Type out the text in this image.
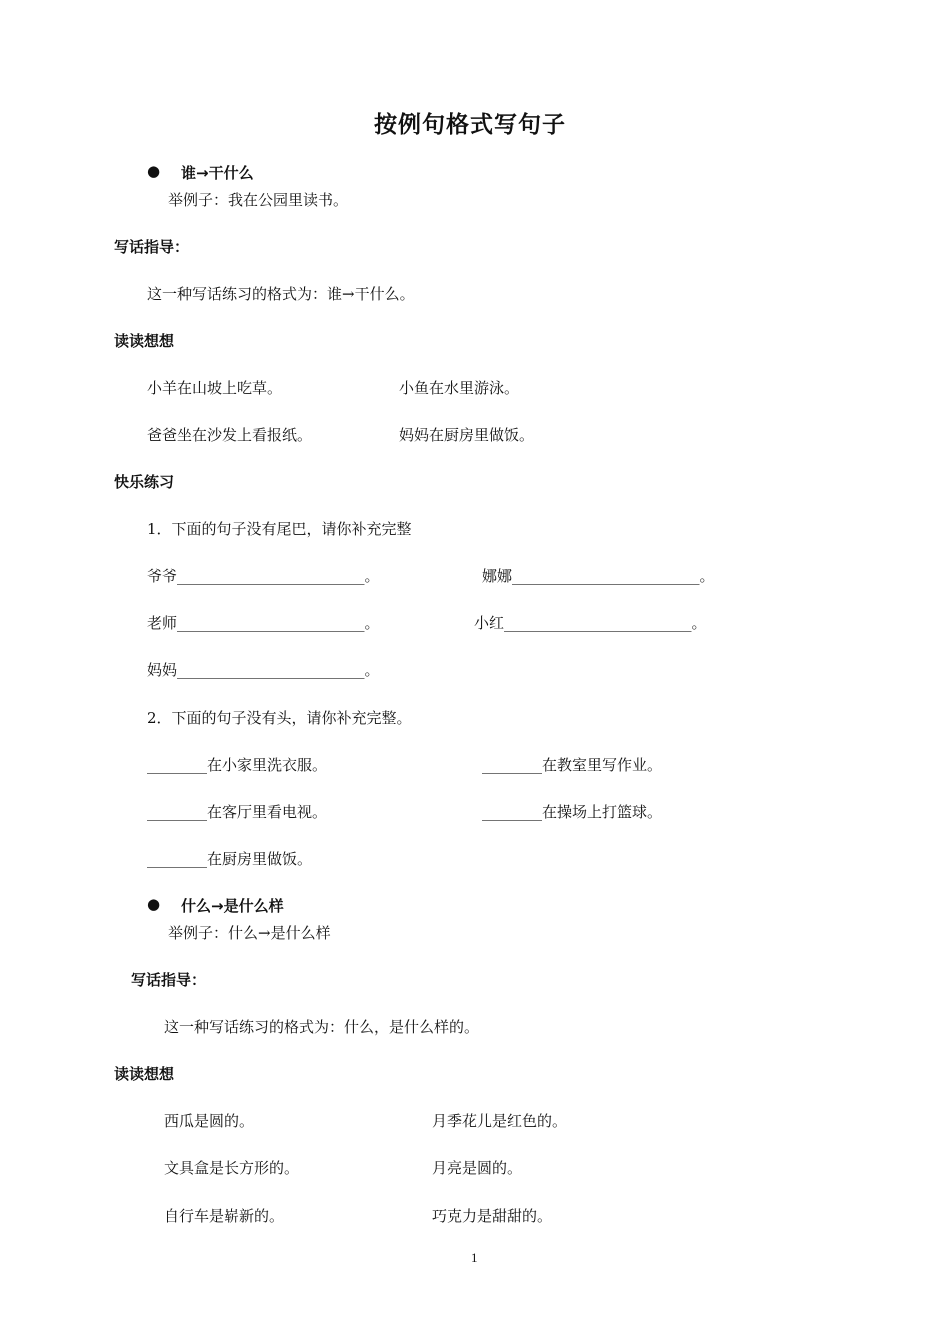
按例句格式写句子
● 谁→干什么
举例子：我在公园里读书。
写话指导：
这一种写话练习的格式为：谁→干什么。
读读想想
小羊在山坡上吃草。	小鱼在水里游泳。
爸爸坐在沙发上看报纸。	妈妈在厨房里做饭。
快乐练习
1．下面的句子没有尾巴，请你补充完整
爷爷_________________________。	娜娜_________________________。
老师_________________________。	小红_________________________。
妈妈_________________________。
2．下面的句子没有头，请你补充完整。
________在小家里洗衣服。	________在教室里写作业。
________在客厅里看电视。	________在操场上打篮球。
________在厨房里做饭。
● 什么→是什么样
举例子：什么→是什么样
写话指导：
这一种写话练习的格式为：什么，是什么样的。
读读想想
西瓜是圆的。	月季花儿是红色的。
文具盒是长方形的。	月亮是圆的。
自行车是崭新的。	巧克力是甜甜的。
1
